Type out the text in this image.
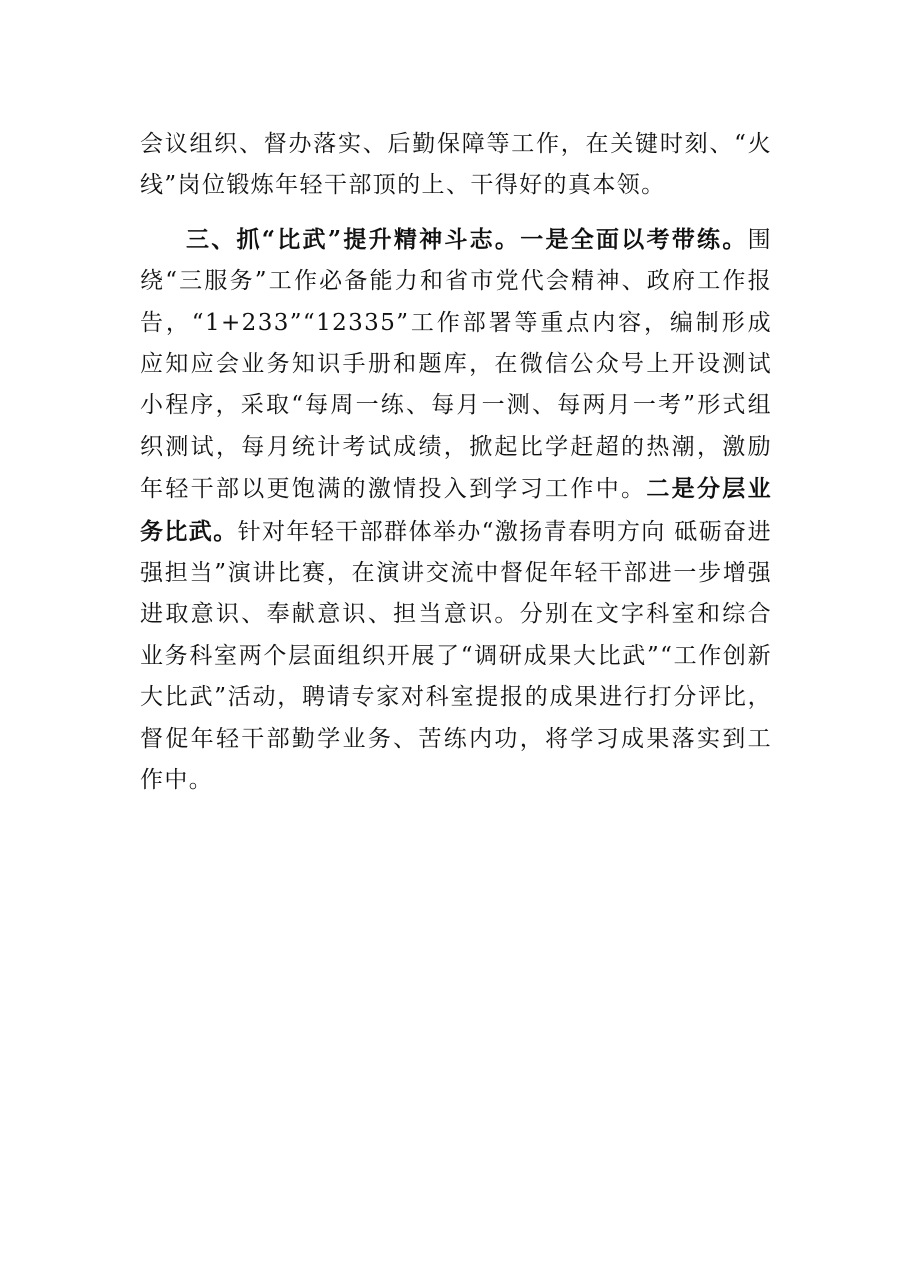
会议组织、督办落实、后勤保障等工作，在关键时刻、“火线”岗位锻炼年轻干部顶的上、干得好的真本领。

三、抓“比武”提升精神斗志。一是全面以考带练。围绕“三服务”工作必备能力和省市党代会精神、政府工作报告，“1+233”“12335”工作部署等重点内容，编制形成应知应会业务知识手册和题库，在微信公众号上开设测试小程序，采取“每周一练、每月一测、每两月一考”形式组织测试，每月统计考试成绩，掀起比学赶超的热潮，激励年轻干部以更饱满的激情投入到学习工作中。二是分层业务比武。针对年轻干部群体举办“激扬青春明方向 砥砺奋进强担当”演讲比赛，在演讲交流中督促年轻干部进一步增强进取意识、奉献意识、担当意识。分别在文字科室和综合业务科室两个层面组织开展了“调研成果大比武”“工作创新大比武”活动，聘请专家对科室提报的成果进行打分评比，督促年轻干部勤学业务、苦练内功，将学习成果落实到工作中。
